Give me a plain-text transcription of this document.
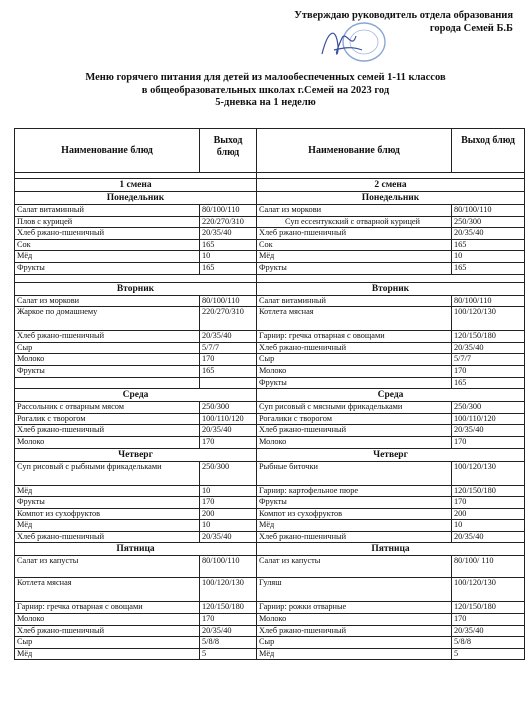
Утверждаю руководитель отдела образования
города Семей Б.Б
Меню горячего питания для детей из малообеспеченных семей 1-11 классов
в общеобразовательных школах г.Семей на 2023 год
5-дневка на 1 неделю
Наименование блюд	Выход блюд	Наименование блюд	Выход блюд

1 смена		2 смена	
Понедельник		Понедельник	
Салат витаминный	80/100/110	Салат из моркови	80/100/110
Плов с курицей	220/270/310	Суп ессентукский с отварной курицей	250/300
Хлеб ржано-пшеничный	20/35/40	Хлеб ржано-пшеничный	20/35/40
Сок	165	Сок	165
Мёд	10	Мёд	10
Фрукты	165	Фрукты	165

Вторник		Вторник	
Салат из моркови	80/100/110	Салат витаминный	80/100/110
Жаркое по домашнему	220/270/310	Котлета мясная	100/120/130
Хлеб ржано-пшеничный	20/35/40	Гарнир: гречка отварная с овощами	120/150/180
Сыр	5/7/7	Хлеб ржано-пшеничный	20/35/40
Молоко	170	Сыр	5/7/7
Фрукты	165	Молоко	170
		Фрукты	165
Среда		Среда	
Рассольник с отварным мясом	250/300	Суп рисовый с мясными фрикадельками	250/300
Рогалик с творогом	100/110/120	Рогалики с творогом	100/110/120
Хлеб ржано-пшеничный	20/35/40	Хлеб ржано-пшеничный	20/35/40
Молоко	170	Молоко	170
Четверг		Четверг	
Суп рисовый с рыбными фрикадельками	250/300	Рыбные биточки	100/120/130
Мёд	10	Гарнир: картофельное пюре	120/150/180
Фрукты	170	Фрукты	170
Компот из сухофруктов	200	Компот из сухофруктов	200
Мёд	10	Мёд	10
Хлеб ржано-пшеничный	20/35/40	Хлеб ржано-пшеничный	20/35/40
Пятница		Пятница	
Салат из капусты	80/100/110	Салат из капусты	80/100/ 110
Котлета мясная	100/120/130	Гуляш	100/120/130
Гарнир: гречка отварная с овощами	120/150/180	Гарнир: рожки отварные	120/150/180
Молоко	170	Молоко	170
Хлеб ржано-пшеничный	20/35/40	Хлеб ржано-пшеничный	20/35/40
Сыр	5/8/8	Сыр	5/8/8
Мёд	5	Мёд	5
